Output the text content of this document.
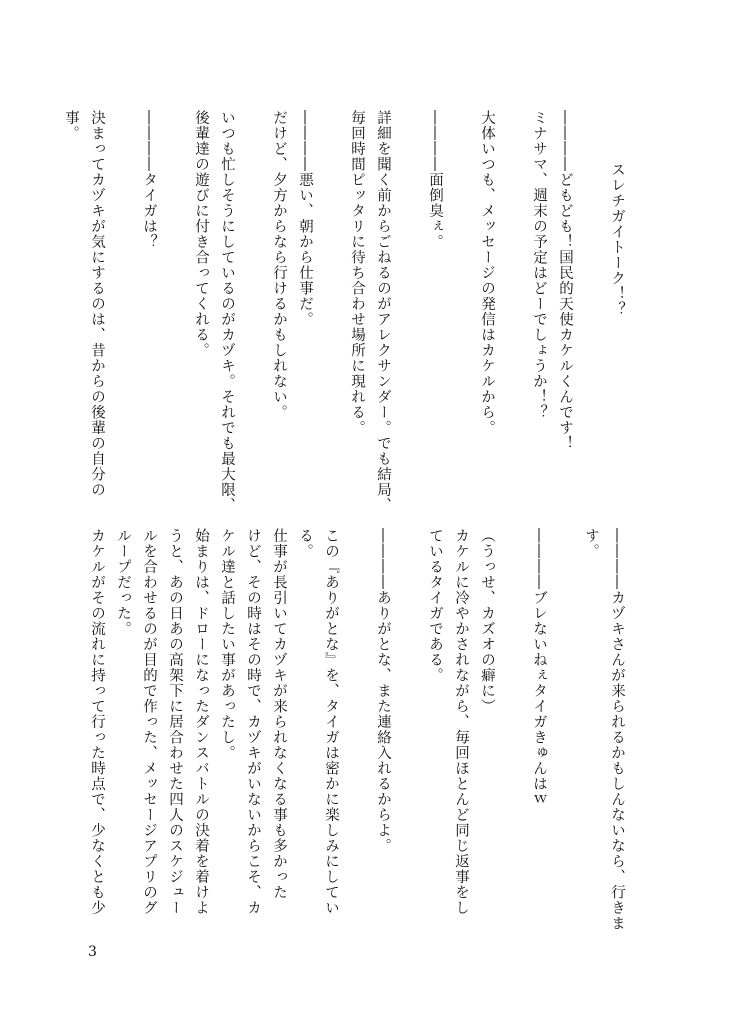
スレチガイトーク！？

――――どもども！国民的天使カケルくんです！
ミナサマ、週末の予定はどーでしょうか！？

大体いつも、メッセージの発信はカケルから。

――――面倒臭ぇ。

詳細を聞く前からごねるのがアレクサンダー。でも結局、
毎回時間ピッタリに待ち合わせ場所に現れる。

――――悪い、朝から仕事だ。
だけど、夕方からなら行けるかもしれない。

いつも忙しそうにしているのがカヅキ。それでも最大限、
後輩達の遊びに付き合ってくれる。

――――タイガは？

決まってカヅキが気にするのは、昔からの後輩の自分の
事。
――――カヅキさんが来られるかもしんないなら、行きま
す。

――――ブレないねぇタイガきゅんはｗ

（うっせ、カズオの癖に）
カケルに冷やかされながら、毎回ほとんど同じ返事をし
ているタイガである。

――――ありがとな、また連絡入れるからよ。

この『ありがとな』を、タイガは密かに楽しみにしてい
る。
仕事が長引いてカヅキが来られなくなる事も多かった
けど、その時はその時で、カヅキがいないからこそ、カ
ケル達と話したい事があったし。
始まりは、ドローになったダンスバトルの決着を着けよ
うと、あの日あの高架下に居合わせた四人のスケジュー
ルを合わせるのが目的で作った、メッセージアプリのグ
ループだった。
カケルがその流れに持って行った時点で、少なくとも少
3
